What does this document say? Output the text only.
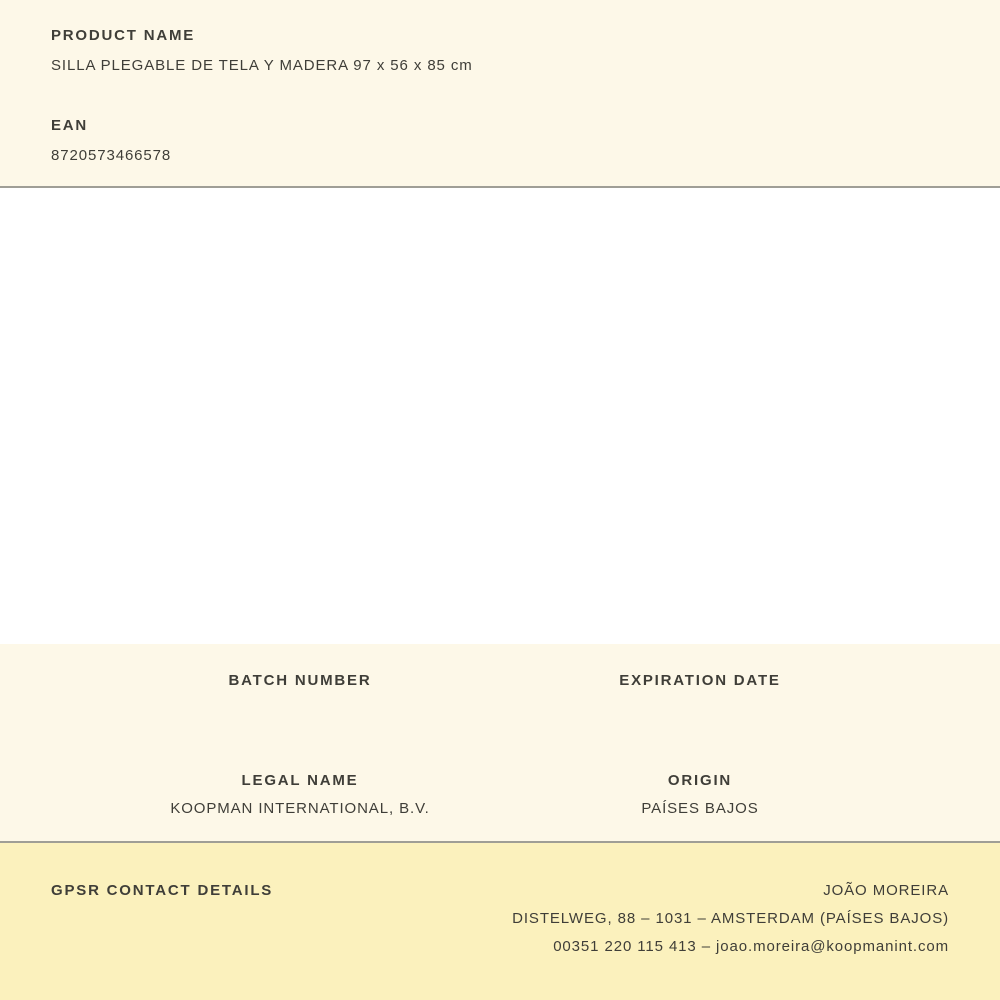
PRODUCT NAME
SILLA PLEGABLE DE TELA Y MADERA 97 x 56 x 85 cm
EAN
8720573466578
BATCH NUMBER	EXPIRATION DATE
LEGAL NAME
KOOPMAN INTERNATIONAL, B.V.
ORIGIN
PAÍSES BAJOS
GPSR CONTACT DETAILS	JOÃO MOREIRA
DISTELWEG, 88 – 1031 – AMSTERDAM (PAÍSES BAJOS)
00351 220 115 413 – joao.moreira@koopmanint.com
